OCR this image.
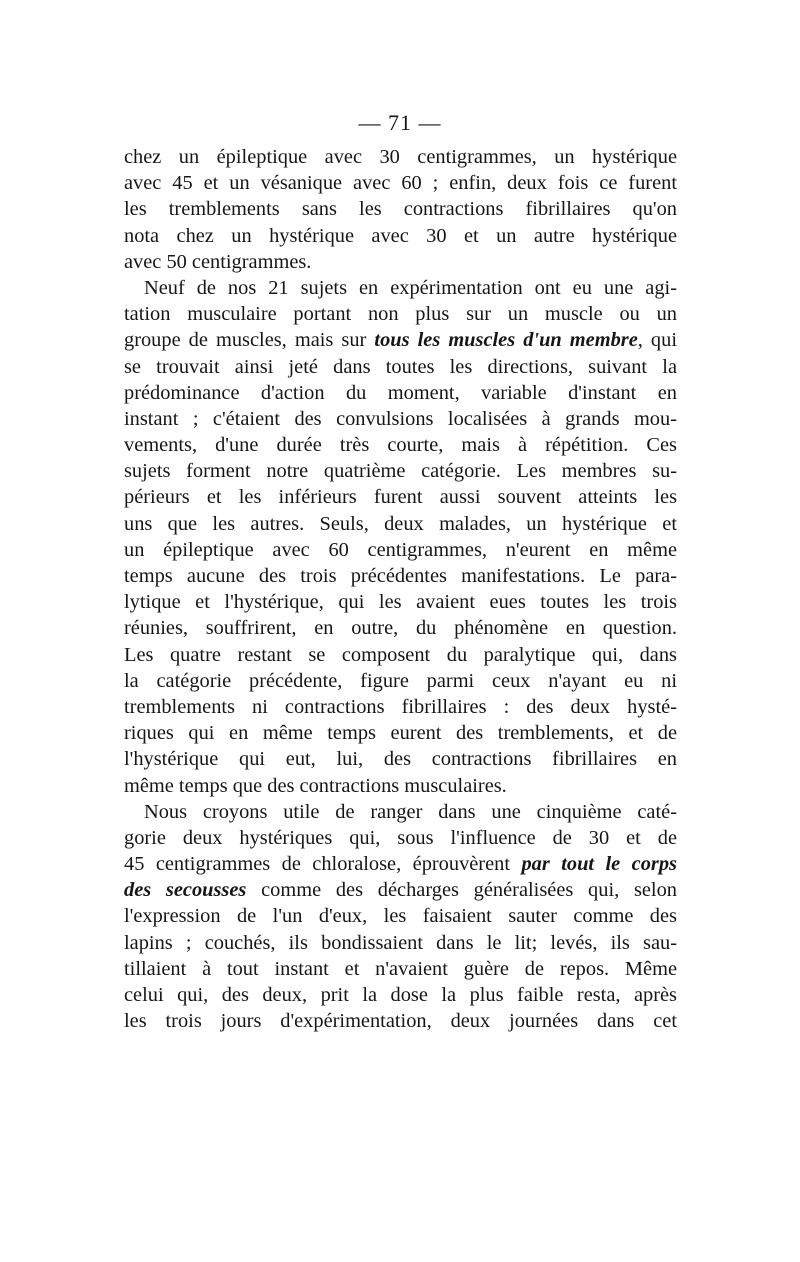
— 71 —
chez un épileptique avec 30 centigrammes, un hystérique
avec 45 et un vésanique avec 60 ; enfin, deux fois ce furent
les tremblements sans les contractions fibrillaires qu'on
nota chez un hystérique avec 30 et un autre hystérique
avec 50 centigrammes.
Neuf de nos 21 sujets en expérimentation ont eu une agi-
tation musculaire portant non plus sur un muscle ou un
groupe de muscles, mais sur tous les muscles d'un membre, qui
se trouvait ainsi jeté dans toutes les directions, suivant la
prédominance d'action du moment, variable d'instant en
instant ; c'étaient des convulsions localisées à grands mou-
vements, d'une durée très courte, mais à répétition. Ces
sujets forment notre quatrième catégorie. Les membres su-
périeurs et les inférieurs furent aussi souvent atteints les
uns que les autres. Seuls, deux malades, un hystérique et
un épileptique avec 60 centigrammes, n'eurent en même
temps aucune des trois précédentes manifestations. Le para-
lytique et l'hystérique, qui les avaient eues toutes les trois
réunies, souffrirent, en outre, du phénomène en question.
Les quatre restant se composent du paralytique qui, dans
la catégorie précédente, figure parmi ceux n'ayant eu ni
tremblements ni contractions fibrillaires : des deux hysté-
riques qui en même temps eurent des tremblements, et de
l'hystérique qui eut, lui, des contractions fibrillaires en
même temps que des contractions musculaires.
Nous croyons utile de ranger dans une cinquième caté-
gorie deux hystériques qui, sous l'influence de 30 et de
45 centigrammes de chloralose, éprouvèrent par tout le corps
des secousses comme des décharges généralisées qui, selon
l'expression de l'un d'eux, les faisaient sauter comme des
lapins ; couchés, ils bondissaient dans le lit; levés, ils sau-
tillaient à tout instant et n'avaient guère de repos. Même
celui qui, des deux, prit la dose la plus faible resta, après
les trois jours d'expérimentation, deux journées dans cet
